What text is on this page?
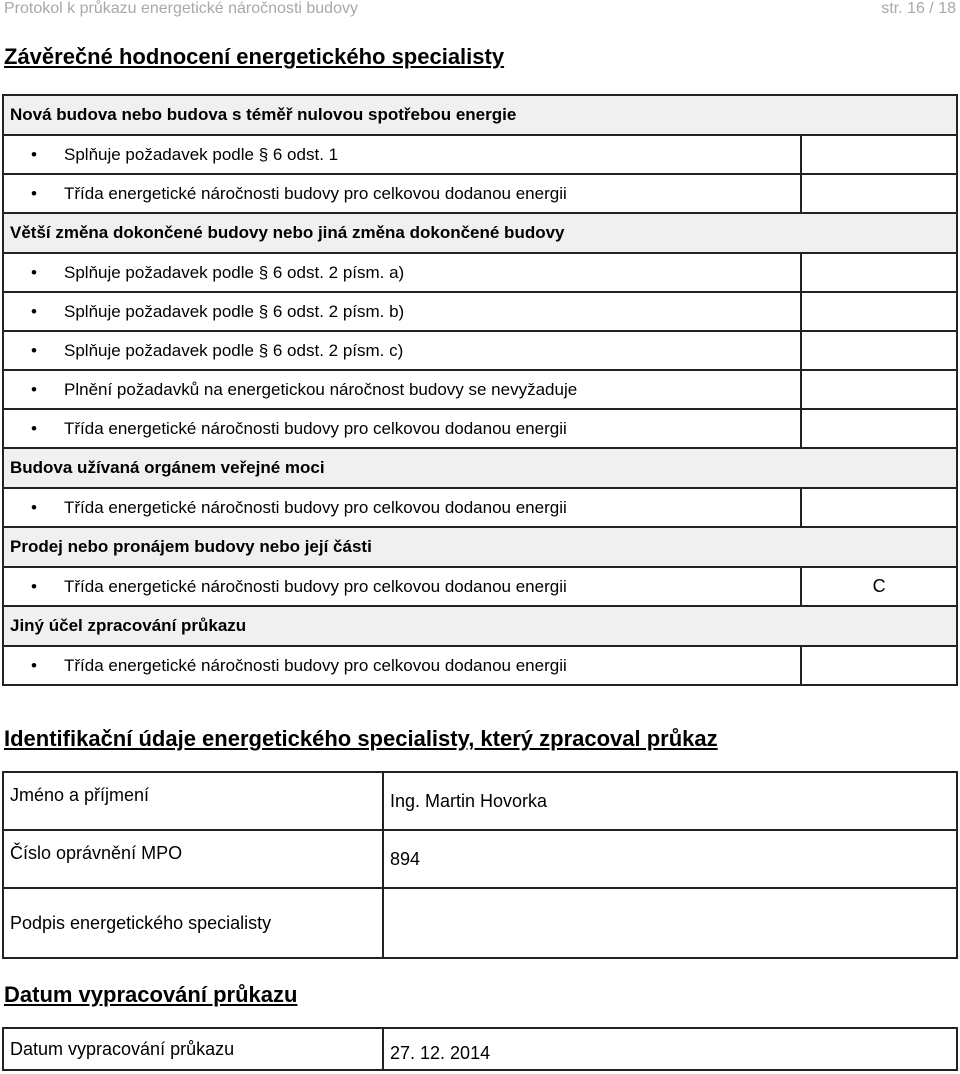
Protokol k průkazu energetické náročnosti budovy	str. 16 / 18
Závěrečné hodnocení energetického specialisty
Nová budova nebo budova s téměř nulovou spotřebou energie	
• Splňuje požadavek podle § 6 odst. 1	
• Třída energetické náročnosti budovy pro celkovou dodanou energii	
Větší změna dokončené budovy nebo jiná změna dokončené budovy	
• Splňuje požadavek podle § 6 odst. 2 písm. a)	
• Splňuje požadavek podle § 6 odst. 2 písm. b)	
• Splňuje požadavek podle § 6 odst. 2 písm. c)	
• Plnění požadavků na energetickou náročnost budovy se nevyžaduje	
• Třída energetické náročnosti budovy pro celkovou dodanou energii	
Budova užívaná orgánem veřejné moci	
• Třída energetické náročnosti budovy pro celkovou dodanou energii	
Prodej nebo pronájem budovy nebo její části	
• Třída energetické náročnosti budovy pro celkovou dodanou energii	C
Jiný účel zpracování průkazu	
• Třída energetické náročnosti budovy pro celkovou dodanou energii	
Identifikační údaje energetického specialisty, který zpracoval průkaz
Jméno a příjmení	Ing. Martin Hovorka
Číslo oprávnění MPO	894
Podpis energetického specialisty	
Datum vypracování průkazu
Datum vypracování průkazu	27. 12. 2014
